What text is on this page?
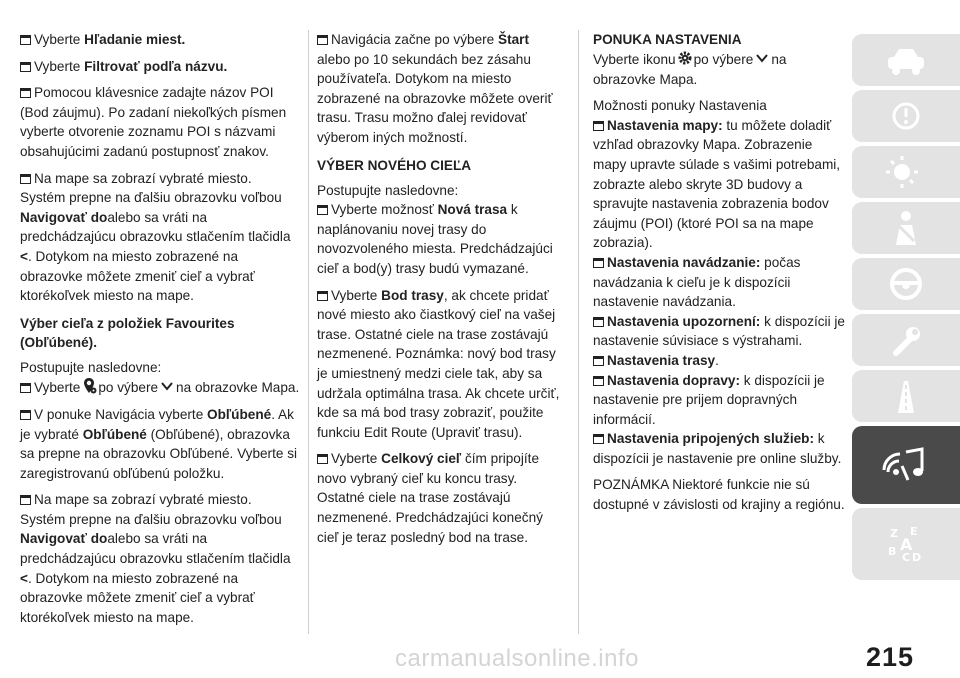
Vyberte Hľadanie miest.

Vyberte Filtrovať podľa názvu.

Pomocou klávesnice zadajte názov POI (Bod záujmu). Po zadaní niekoľkých písmen vyberte otvorenie zoznamu POI s názvami obsahujúcimi zadanú postupnosť znakov.

Na mape sa zobrazí vybraté miesto. Systém prepne na ďalšiu obrazovku voľbou Navigovať doalebo sa vráti na predchádzajúcu obrazovku stlačením tlačidla <. Dotykom na miesto zobrazené na obrazovke môžete zmeniť cieľ a vybrať ktorékoľvek miesto na mape.

Výber cieľa z položiek Favourites (Obľúbené).

Postupujte nasledovne:

Vyberte po výbere na obrazovke Mapa.

V ponuke Navigácia vyberte Obľúbené. Ak je vybraté Obľúbené (Obľúbené), obrazovka sa prepne na obrazovku Obľúbené. Vyberte si zaregistrovanú obľúbenú položku.

Na mape sa zobrazí vybraté miesto. Systém prepne na ďalšiu obrazovku voľbou Navigovať doalebo sa vráti na predchádzajúcu obrazovku stlačením tlačidla <. Dotykom na miesto zobrazené na obrazovke môžete zmeniť cieľ a vybrať ktorékoľvek miesto na mape.

Navigácia začne po výbere Štart alebo po 10 sekundách bez zásahu používateľa. Dotykom na miesto zobrazené na obrazovke môžete overiť trasu. Trasu možno ďalej revidovať výberom iných možností.

VÝBER NOVÉHO CIEĽA

Postupujte nasledovne:

Vyberte možnosť Nová trasa k naplánovaniu novej trasy do novozvoleného miesta. Predchádzajúci cieľ a bod(y) trasy budú vymazané.

Vyberte Bod trasy, ak chcete pridať nové miesto ako čiastkový cieľ na vašej trase. Ostatné ciele na trase zostávajú nezmenené. Poznámka: nový bod trasy je umiestnený medzi ciele tak, aby sa udržala optimálna trasa. Ak chcete určiť, kde sa má bod trasy zobraziť, použite funkciu Edit Route (Upraviť trasu).

Vyberte Celkový cieľ čím pripojíte novo vybraný cieľ ku koncu trasy. Ostatné ciele na trase zostávajú nezmenené. Predchádzajúci konečný cieľ je teraz posledný bod na trase.

PONUKA NASTAVENIA

Vyberte ikonu po výbere na obrazovke Mapa.

Možnosti ponuky Nastavenia

Nastavenia mapy: tu môžete doladiť vzhľad obrazovky Mapa. Zobrazenie mapy upravte súlade s vašimi potrebami, zobrazte alebo skryte 3D budovy a spravujte nastavenia zobrazenia bodov záujmu (POI) (ktoré POI sa na mape zobrazia).

Nastavenia navádzanie: počas navádzania k cieľu je k dispozícii nastavenie navádzania.

Nastavenia upozornení: k dispozícii je nastavenie súvisiace s výstrahami.

Nastavenia trasy.

Nastavenia dopravy: k dispozícii je nastavenie pre prijem dopravných informácií.

Nastavenia pripojených služieb: k dispozícii je nastavenie pre online služby.

POZNÁMKA Niektoré funkcie nie sú dostupné v závislosti od krajiny a regiónu.

Z E
B C D
A
215
carmanualsonline.info
